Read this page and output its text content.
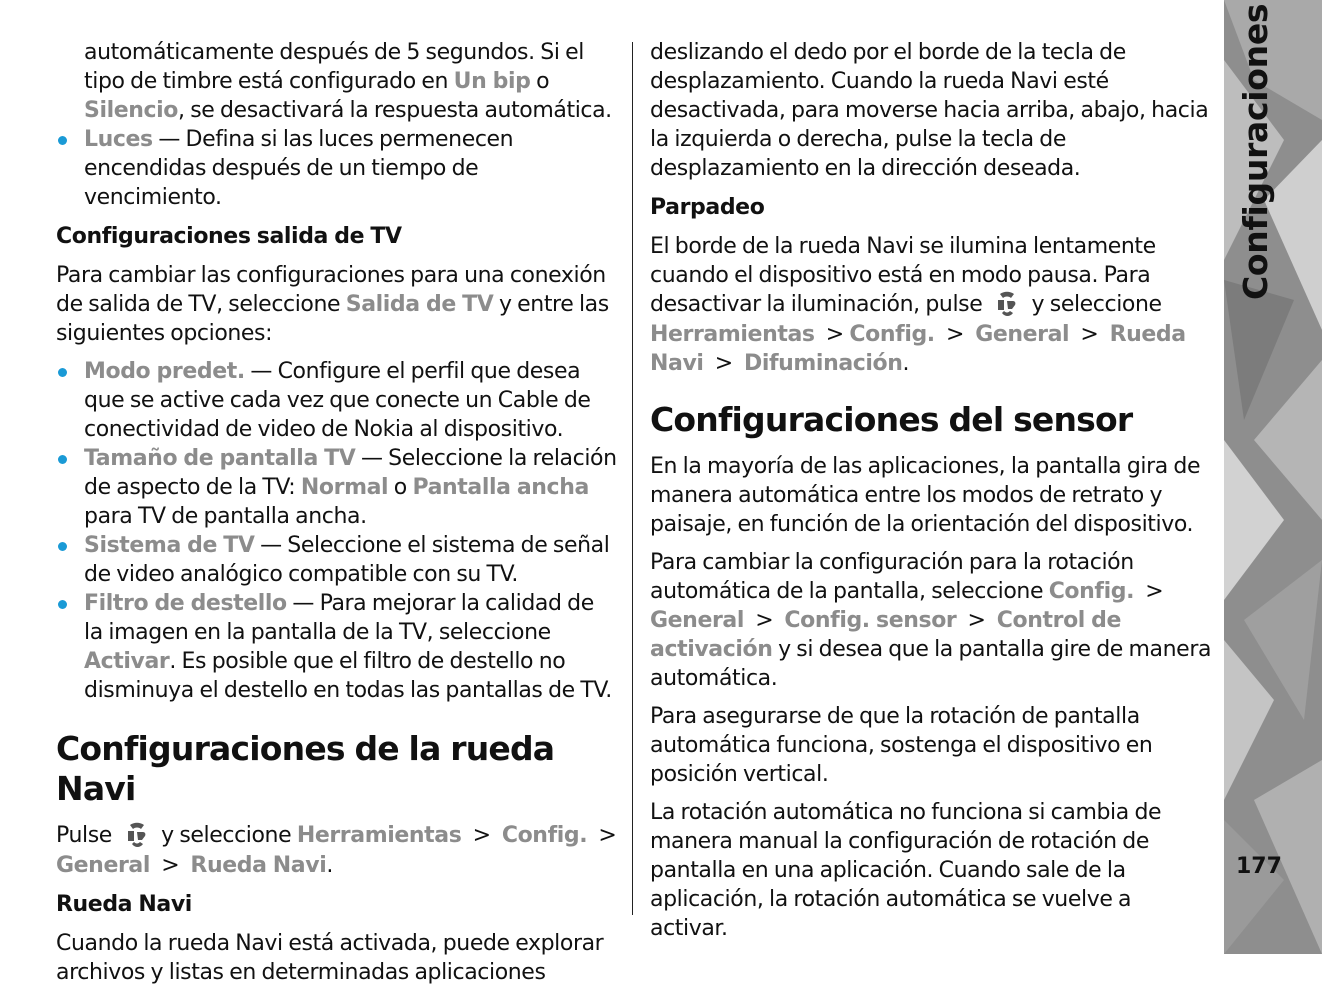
automáticamente después de 5 segundos. Si el tipo de timbre está configurado en Un bip o Silencio, se desactivará la respuesta automática.

Luces — Defina si las luces permenecen encendidas después de un tiempo de vencimiento.

Configuraciones salida de TV

Para cambiar las configuraciones para una conexión de salida de TV, seleccione Salida de TV y entre las siguientes opciones:

Modo predet. — Configure el perfil que desea que se active cada vez que conecte un Cable de conectividad de video de Nokia al dispositivo.
Tamaño de pantalla TV — Seleccione la relación de aspecto de la TV: Normal o Pantalla ancha para TV de pantalla ancha.
Sistema de TV — Seleccione el sistema de señal de video analógico compatible con su TV.
Filtro de destello — Para mejorar la calidad de la imagen en la pantalla de la TV, seleccione Activar. Es posible que el filtro de destello no disminuya el destello en todas las pantallas de TV.
Configuraciones de la rueda Navi

Pulse y seleccione Herramientas > Config. > General > Rueda Navi.

Rueda Navi

Cuando la rueda Navi está activada, puede explorar archivos y listas en determinadas aplicaciones

deslizando el dedo por el borde de la tecla de desplazamiento. Cuando la rueda Navi esté desactivada, para moverse hacia arriba, abajo, hacia la izquierda o derecha, pulse la tecla de desplazamiento en la dirección deseada.

Parpadeo

El borde de la rueda Navi se ilumina lentamente cuando el dispositivo está en modo pausa. Para desactivar la iluminación, pulse y seleccione Herramientas > Config. > General > Rueda Navi > Difuminación.

Configuraciones del sensor

En la mayoría de las aplicaciones, la pantalla gira de manera automática entre los modos de retrato y paisaje, en función de la orientación del dispositivo.

Para cambiar la configuración para la rotación automática de la pantalla, seleccione Config. > General > Config. sensor > Control de activación y si desea que la pantalla gire de manera automática.

Para asegurarse de que la rotación de pantalla automática funciona, sostenga el dispositivo en posición vertical.

La rotación automática no funciona si cambia de manera manual la configuración de rotación de pantalla en una aplicación. Cuando sale de la aplicación, la rotación automática se vuelve a activar.

Configuraciones
177
